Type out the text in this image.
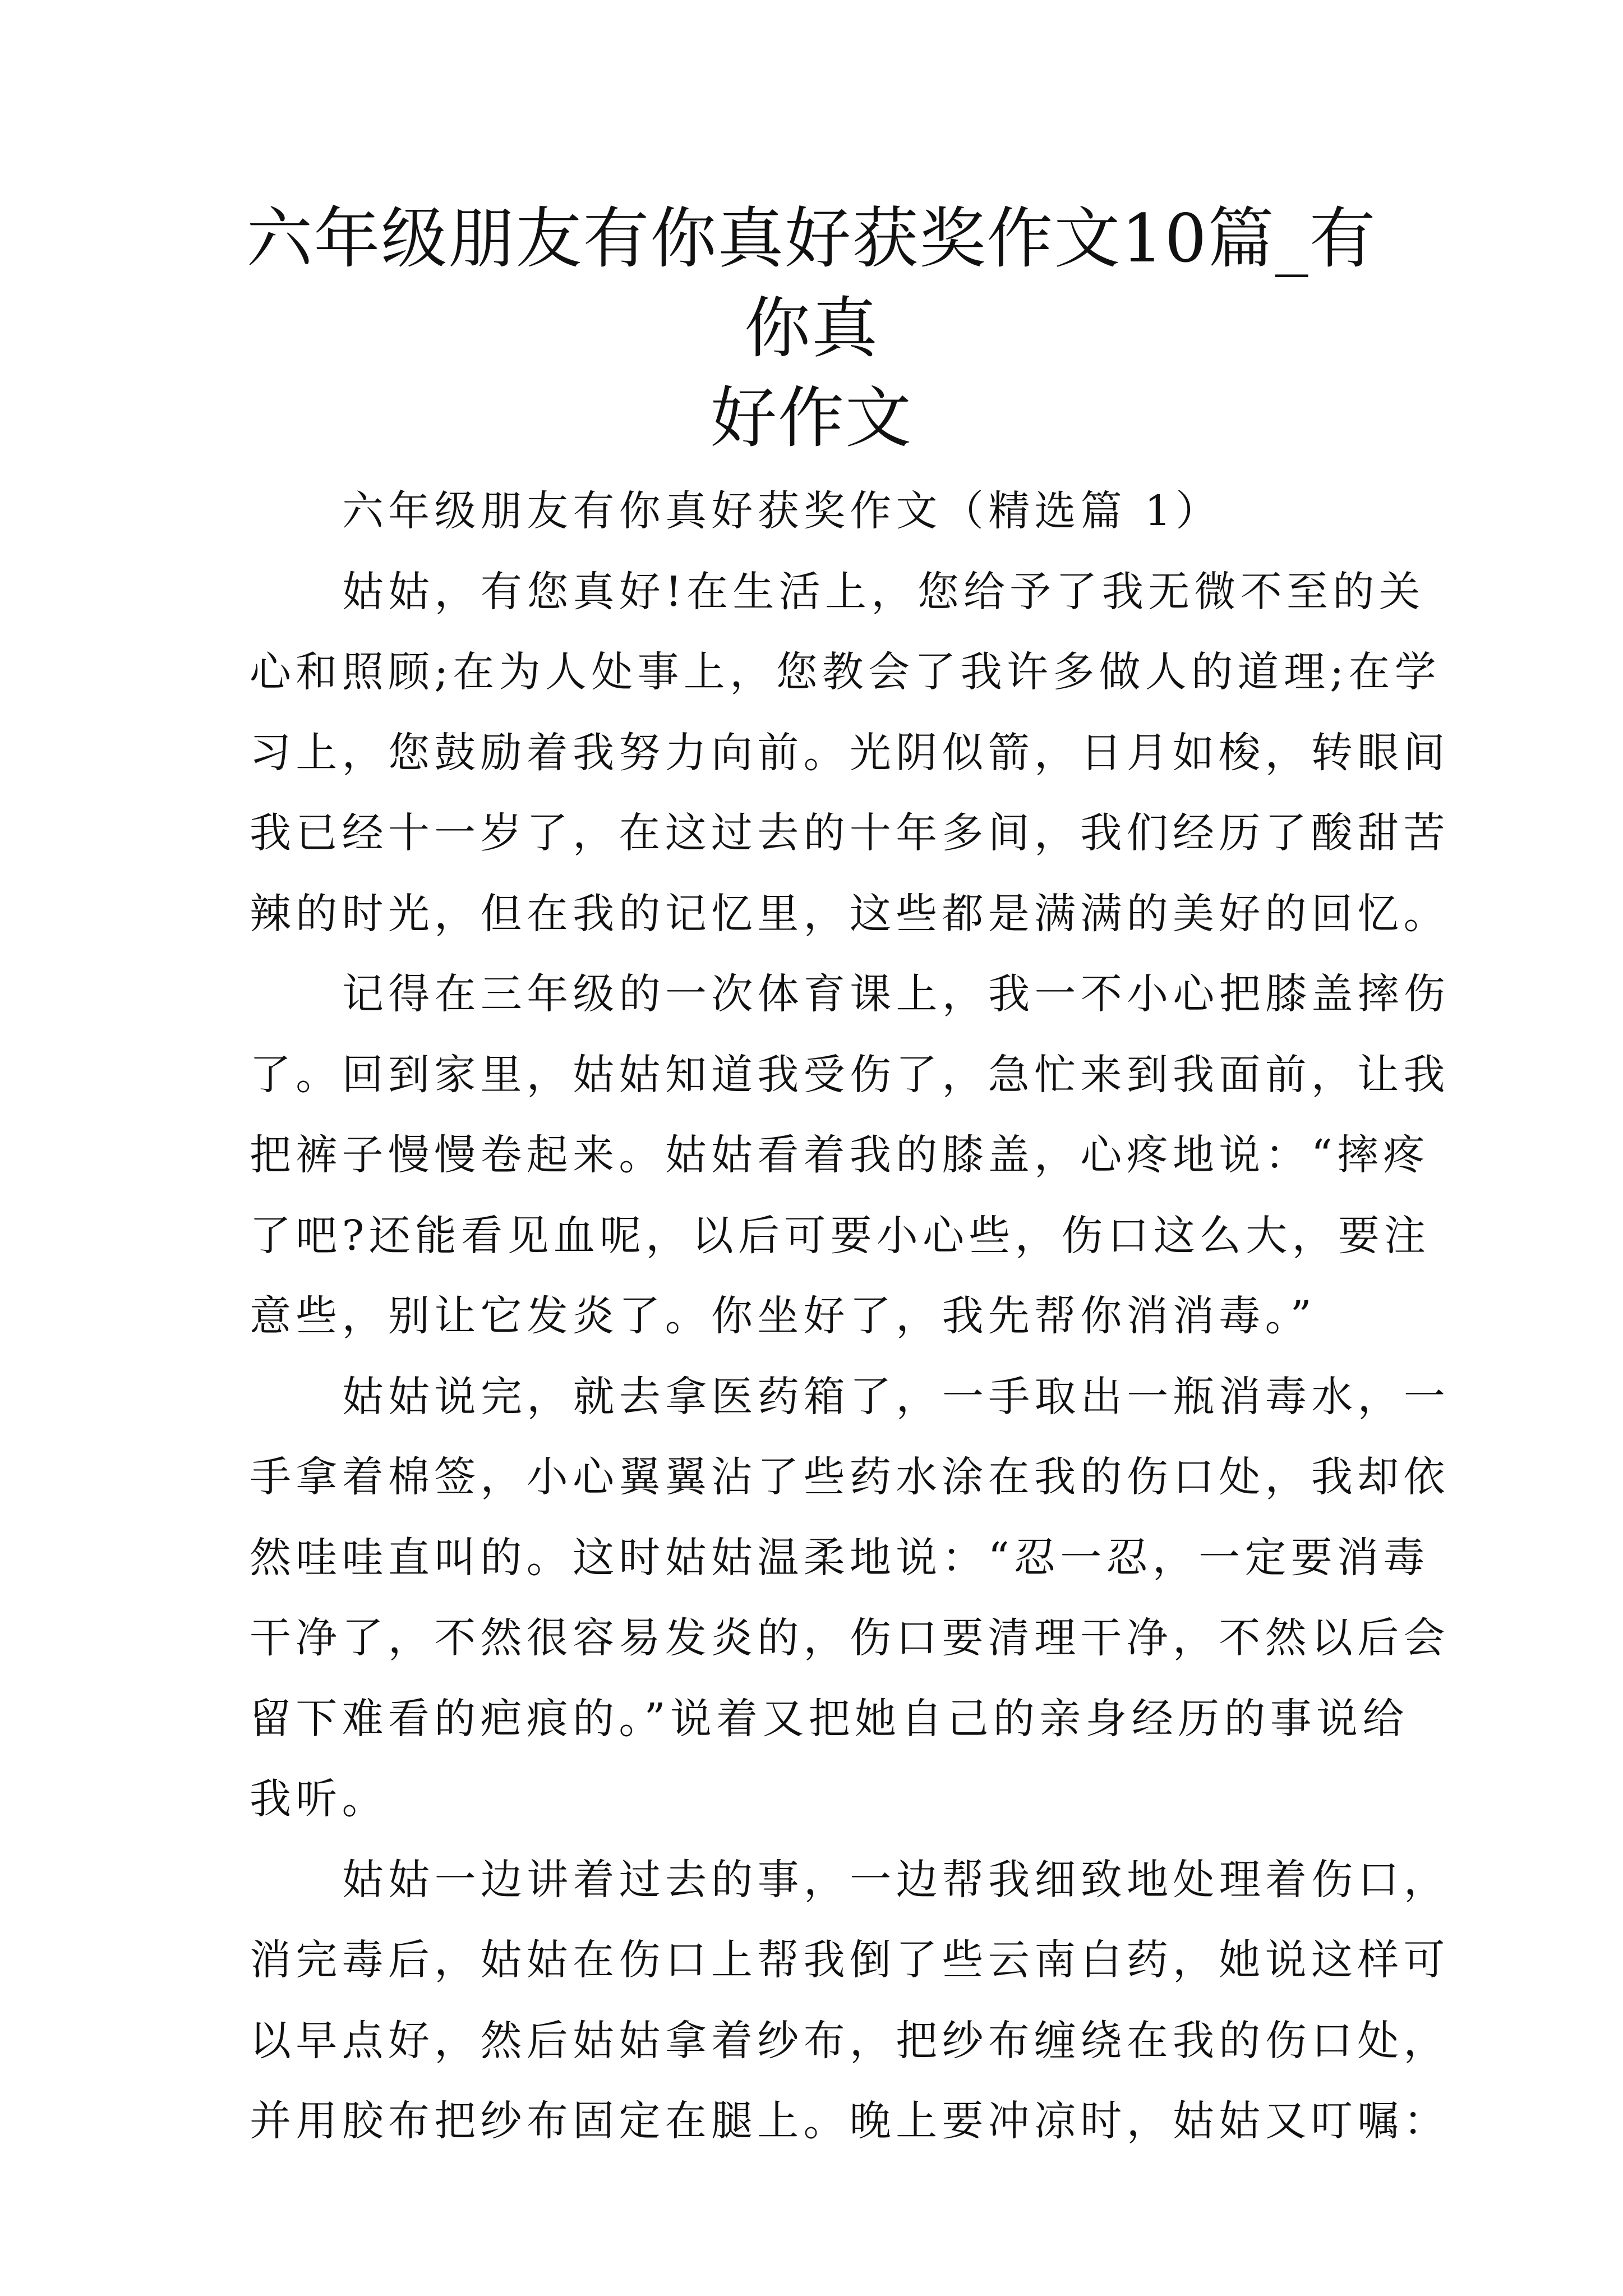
六年级朋友有你真好获奖作文10篇_有你真
好作文
六年级朋友有你真好获奖作文（精选篇 1）
姑姑，有您真好!在生活上，您给予了我无微不至的关
心和照顾;在为人处事上，您教会了我许多做人的道理;在学
习上，您鼓励着我努力向前。光阴似箭，日月如梭，转眼间
我已经十一岁了，在这过去的十年多间，我们经历了酸甜苦
辣的时光，但在我的记忆里，这些都是满满的美好的回忆。
记得在三年级的一次体育课上，我一不小心把膝盖摔伤
了。回到家里，姑姑知道我受伤了，急忙来到我面前，让我
把裤子慢慢卷起来。姑姑看着我的膝盖，心疼地说：“摔疼
了吧?还能看见血呢，以后可要小心些，伤口这么大，要注
意些，别让它发炎了。你坐好了，我先帮你消消毒。”
姑姑说完，就去拿医药箱了，一手取出一瓶消毒水，一
手拿着棉签，小心翼翼沾了些药水涂在我的伤口处，我却依
然哇哇直叫的。这时姑姑温柔地说：“忍一忍，一定要消毒
干净了，不然很容易发炎的，伤口要清理干净，不然以后会
留下难看的疤痕的。”说着又把她自己的亲身经历的事说给
我听。
姑姑一边讲着过去的事，一边帮我细致地处理着伤口，
消完毒后，姑姑在伤口上帮我倒了些云南白药，她说这样可
以早点好，然后姑姑拿着纱布，把纱布缠绕在我的伤口处，
并用胶布把纱布固定在腿上。晚上要冲凉时，姑姑又叮嘱：
